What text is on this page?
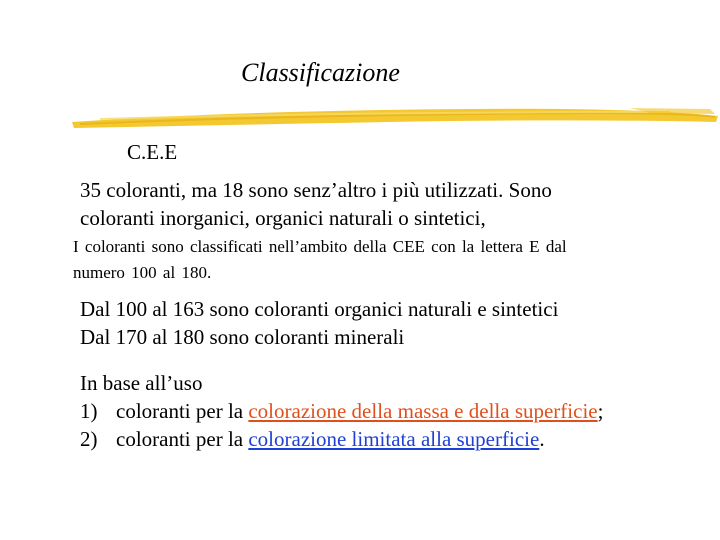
Classificazione
C.E.E
35 coloranti, ma 18 sono senz’altro i più utilizzati. Sono
coloranti inorganici, organici naturali o sintetici,
I coloranti sono classificati nell’ambito della CEE con la lettera E dal
numero 100 al 180.
Dal 100 al 163 sono coloranti organici naturali e sintetici
Dal 170 al 180 sono coloranti minerali
In base all’uso
1) coloranti per la colorazione della massa e della superficie;
2) coloranti per la colorazione limitata alla superficie.
